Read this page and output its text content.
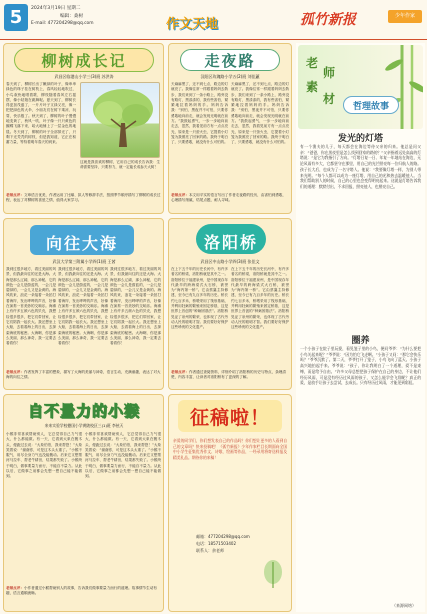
5	2024年3月19日 星期二
编辑：桑树
E-mail: 477204298@qq.com	作文天地	孤竹新报	少年作家
柳树成长记
武昌区临港山小学三(3)班 苏洪涛
春天到了，柳树长出了嫩绿的叶子，像串串绿色的珠子挂在树枝上，春风轻轻地吹过，小鸟欢快地唱着歌，柳枝随着春风左右摇摆，像小姑娘在跳舞呢。夏天到了，柳树长得更加茂盛了，一片片叶子又绿又亮，像一把把绿色的大伞，小朋友们在树下乘凉、玩耍，快乐极了。秋天到了，柳树的叶子慢慢地变黄了，秋风一吹，叶子像一只只黄色的蝴蝶飞落下来，给大地铺上了一层金色的地毯。冬天到了，柳树的叶子全部掉光了，只剩下光秃秃的树枝，但是我知道，它正在积蓄力量，等待着明年春天的到来。
这就是我喜欢的柳树，它用自己的成长告诉我：生命需要坚持，只要努力，就一定能长成参天大树！
老师点评：文章语言优美，作者运用了比喻、拟人等修辞手法，按照季节顺序描写了柳树的成长过程，表达了对柳树的喜爱之情，值得大家学习。
走夜路
汉阳区玫瑰路小学五(2)班 刘佳蕙
天麻麻黑了，还不到七点，路边的灯就亮了。我像往常一样跟着妈妈去散步，我们来到了一条小路上，路旁没有路灯，黑漆漆的，我有些害怕，紧紧地拉着妈妈的手。妈妈告诉我：“别怕，黑夜并不可怕，只要你勇敢地向前走，就会发现光明就在前方。”我鼓起勇气，一步一步地向前走去，忽然，我看见前方有一点点亮光，原来是一只萤火虫，它提着小灯笼为我照亮了回家的路。我终于明白了，只要勇敢，就没有什么可怕的。
天麻麻黑了，还不到七点，路边的灯就亮了。我像往常一样跟着妈妈去散步，我们来到了一条小路上，路旁没有路灯，黑漆漆的，我有些害怕，紧紧地拉着妈妈的手。妈妈告诉我：“别怕，黑夜并不可怕，只要你勇敢地向前走，就会发现光明就在前方。”我鼓起勇气，一步一步地向前走去，忽然，我看见前方有一点点亮光，原来是一只萤火虫，它提着小灯笼为我照亮了回家的路。我终于明白了，只要勇敢，就没有什么可怕的。
老师点评：本文用平实的语言写出了作者走夜路的经历，由害怕到勇敢，心理描写细腻，结尾点题，耐人寻味。
向往大海
武汉大学第三附属小学四(1)班 王茜
我到过很多地方，看过美丽的风景，但我最向往的还是大海。大海是那么辽阔，那么神秘，它的颜色一会儿是蔚蓝的，一会儿是碧绿的，一会儿又是金黄的。海风吹来，浪花一朵接着一朵拍打着海岸，发出哗哗的声音，好像在演奏一首美妙的交响乐。海滩上有许多五颜六色的贝壳，我想捡很多很多，把它们带回家，让它们陪我一起长大。我还想坐上大船，去看看海上的日出，去探索海底的秘密。大海啊，你是那么美丽，那么神奇，我一定要去看看你！
我到过很多地方，看过美丽的风景，但我最向往的还是大海。大海是那么辽阔，那么神秘，它的颜色一会儿是蔚蓝的，一会儿是碧绿的，一会儿又是金黄的。海风吹来，浪花一朵接着一朵拍打着海岸，发出哗哗的声音，好像在演奏一首美妙的交响乐。海滩上有许多五颜六色的贝壳，我想捡很多很多，把它们带回家，让它们陪我一起长大。我还想坐上大船，去看看海上的日出，去探索海底的秘密。大海啊，你是那么美丽，那么神奇，我一定要去看看你！
我到过很多地方，看过美丽的风景，但我最向往的还是大海。大海是那么辽阔，那么神秘，它的颜色一会儿是蔚蓝的，一会儿是碧绿的，一会儿又是金黄的。海风吹来，浪花一朵接着一朵拍打着海岸，发出哗哗的声音，好像在演奏一首美妙的交响乐。海滩上有许多五颜六色的贝壳，我想捡很多很多，把它们带回家，让它们陪我一起长大。我还想坐上大船，去看看海上的日出，去探索海底的秘密。大海啊，你是那么美丽，那么神奇，我一定要去看看你！
老师点评：作者发挥了丰富的想象，描写了大海的美丽与神奇，语言生动，充满童趣，表达了对大海的向往之情。
洛阳桥
武昌区中山路小学四(3)班 张佳文
在上下五千年的历史长河中，有许多著名的桥梁，洛阳桥就是其中之一。洛阳桥位于福建泉州，是中国现存年代最早的跨海梁式大石桥，被誉为“海内第一桥”。它由蔡襄主持修建，至今已有九百多年的历史。桥长约七百多米，桥墩采用了筏形基础，并利用牡蛎的繁殖来固定桥基，这是世界上首创的“种蛎固基法”。洛阳桥见证了泉州的繁荣，也体现了古代劳动人民的聪明才智。我们要好好保护这些珍贵的文化遗产。
在上下五千年的历史长河中，有许多著名的桥梁，洛阳桥就是其中之一。洛阳桥位于福建泉州，是中国现存年代最早的跨海梁式大石桥，被誉为“海内第一桥”。它由蔡襄主持修建，至今已有九百多年的历史。桥长约七百多米，桥墩采用了筏形基础，并利用牡蛎的繁殖来固定桥基，这是世界上首创的“种蛎固基法”。洛阳桥见证了泉州的繁荣，也体现了古代劳动人民的聪明才智。我们要好好保护这些珍贵的文化遗产。
老师点评：作者通过查阅资料，详细介绍了洛阳桥的历史与特点，条理清楚，内容丰富，让读者对洛阳桥有了更深的了解。
自不量力的小猴
来来实验学校德国小学黄陂校区三(1)班 李铉天
小猴非常喜欢帮助别人，它总觉得自己力气很大，什么都能做。有一天，它看到大象在搬木头，便跑过去说：“大象伯伯，我来帮您！”大象笑着说：“谢谢你，可是这木头太重了。”小猴不服气，用尽全身力气也没能搬动。后来它又想帮河马拉车、帮老牛耕田，结果都失败了。小猴终于明白，做事要量力而行，不能自不量力。从此以后，它做事之前都会先想一想自己能不能做到。
小猴非常喜欢帮助别人，它总觉得自己力气很大，什么都能做。有一天，它看到大象在搬木头，便跑过去说：“大象伯伯，我来帮您！”大象笑着说：“谢谢你，可是这木头太重了。”小猴不服气，用尽全身力气也没能搬动。后来它又想帮河马拉车、帮老牛耕田，结果都失败了。小猴终于明白，做事要量力而行，不能自不量力。从此以后，它做事之前都会先想一想自己能不能做到。
老师点评：小作者通过小猴帮助别人的故事，告诉我们做事要量力而行的道理。故事情节生动有趣，语言通顺流畅。
征稿啦！
亲爱的同学们，你们想发表自己的作品吗？你们想让更多的人看到自己的文章吗？快来投稿吧！《孤竹新报》少年作家栏目长期面向全国中小学生征集优秀作文、诗歌、绘画等作品，一经录用将寄送样报及精美礼品。期待你的来稿！
邮箱：477204298@qq.com
电话：18571503402
联系人：余老师
老
师
素
材
哲理故事
发光的灯塔
有一个渔夫的儿子，每天都会在海边等待父亲的归来。他总是问父亲：“爸爸，你在黑夜里是怎么找到回家的路的？”父亲指着远处高高的灯塔说：“是它为我指引了方向。”灯塔日复一日、年复一年地站在海边，无论风雨有多大，它都坚守在那里，用自己的光芒照亮每一位归航人的路。孩子长大后，也成为了一名守塔人。他说：“我要像灯塔一样，为别人带来光明。”每个人都可以成为一座灯塔，用自己的光和热去温暖他人。当我们帮助别人的时候，自己的心里也会变得明亮起来。这就是灯塔告诉我们的道理：默默付出，不求回报，照亮他人，也照亮自己。
圈养
一个小孩子在院子里玩耍，看见笼子里的小鸟，便问爷爷：“为什么要把小鸟关起来呢？”爷爷说：“因为怕它飞走啊。”小孩子又问：“那它会快乐吗？”爷爷沉默了。第二天，爷爷打开了笼子，小鸟飞向了蓝天。小孩子高兴地拍起手来。爷爷说：“孩子，你让我明白了一个道理，爱不是束缚，而是给予自由。”许多父母总想把孩子保护在自己的身边，不让他们经历风雨，可是没有经历过风雨的孩子，又怎么能学会飞翔呢？真正的爱，是放手让孩子去尝试，去成长。只有经历过风雨，才能见到彩虹。
（来源网络）
